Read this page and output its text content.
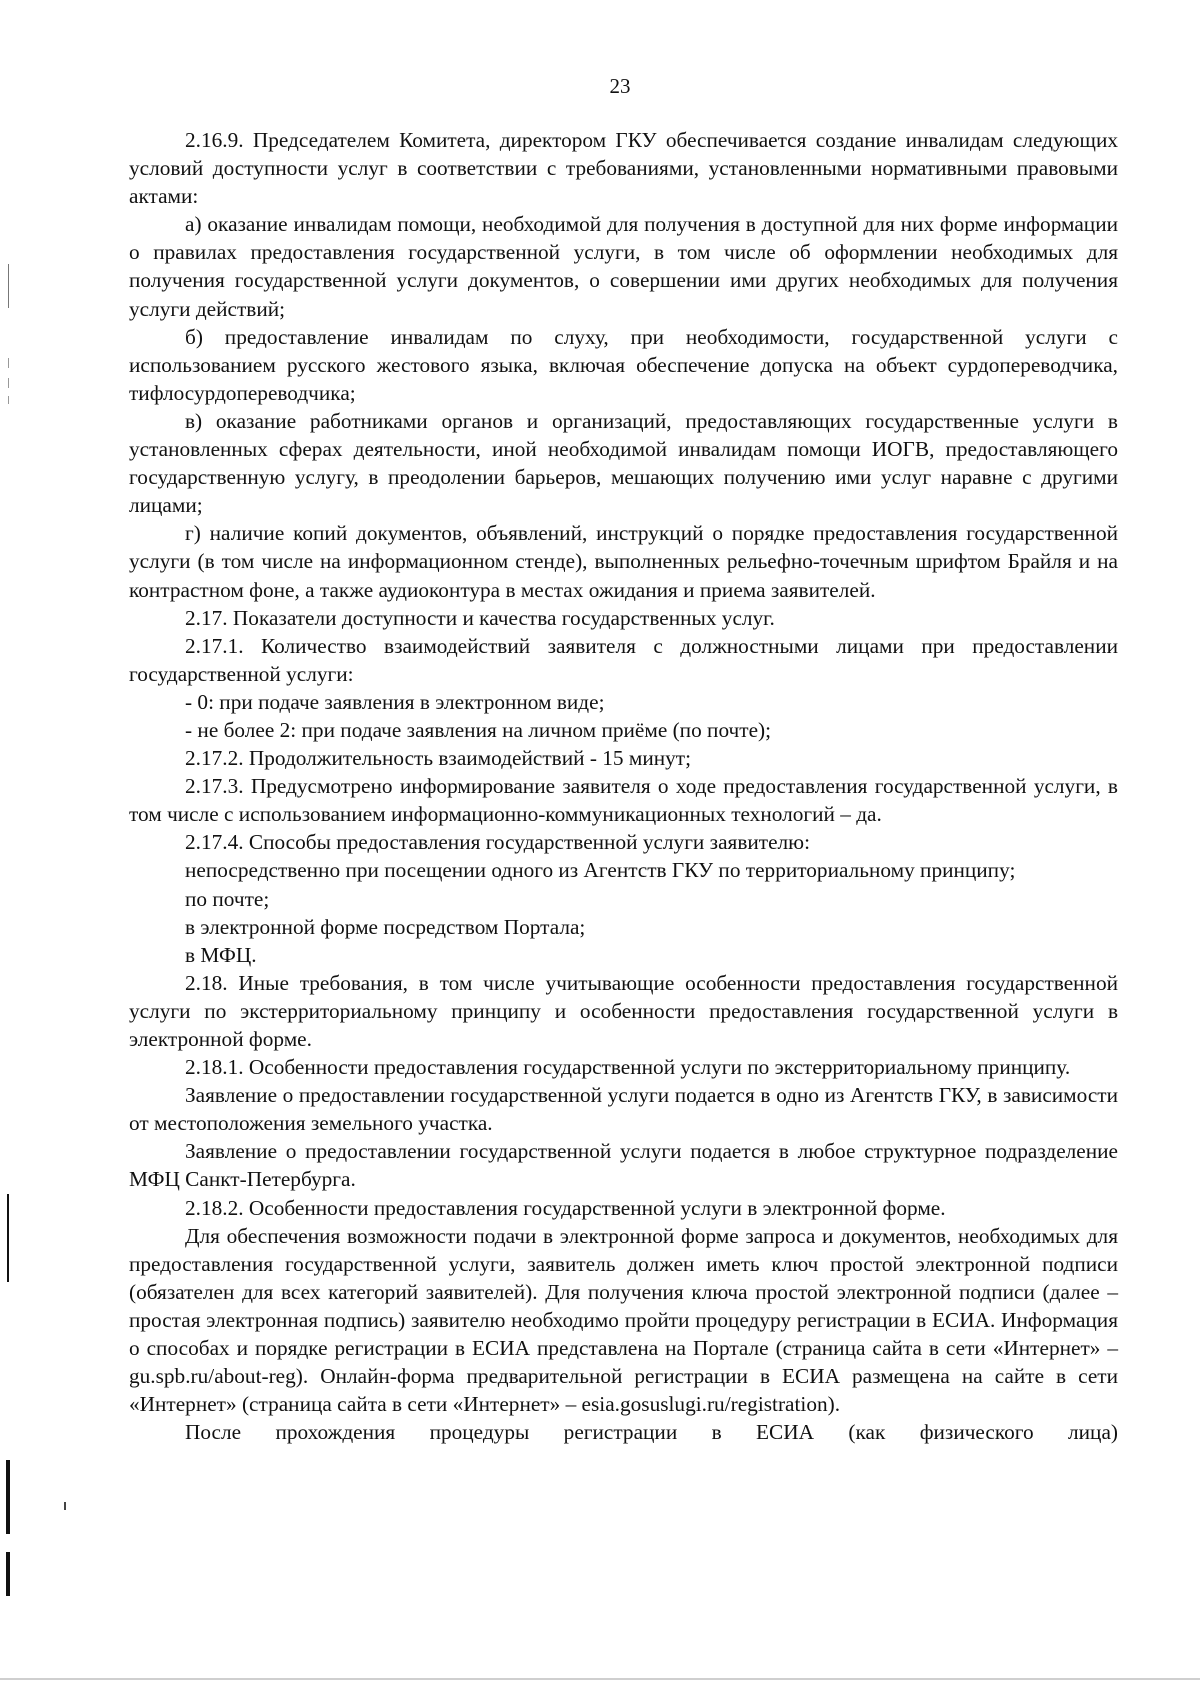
23

2.16.9. Председателем Комитета, директором ГКУ обеспечивается создание инвалидам следующих условий доступности услуг в соответствии с требованиями, установленными нормативными правовыми актами:

а) оказание инвалидам помощи, необходимой для получения в доступной для них форме информации о правилах предоставления государственной услуги, в том числе об оформлении необходимых для получения государственной услуги документов, о совершении ими других необходимых для получения услуги действий;

б) предоставление инвалидам по слуху, при необходимости, государственной услуги с использованием русского жестового языка, включая обеспечение допуска на объект сурдопереводчика, тифлосурдопереводчика;

в) оказание работниками органов и организаций, предоставляющих государственные услуги в установленных сферах деятельности, иной необходимой инвалидам помощи ИОГВ, предоставляющего государственную услугу, в преодолении барьеров, мешающих получению ими услуг наравне с другими лицами;

г) наличие копий документов, объявлений, инструкций о порядке предоставления государственной услуги (в том числе на информационном стенде), выполненных рельефно-точечным шрифтом Брайля и на контрастном фоне, а также аудиоконтура в местах ожидания и приема заявителей.

2.17. Показатели доступности и качества государственных услуг.

2.17.1. Количество взаимодействий заявителя с должностными лицами при предоставлении государственной услуги:

- 0: при подаче заявления в электронном виде;

- не более 2: при подаче заявления на личном приёме (по почте);

2.17.2. Продолжительность взаимодействий - 15 минут;

2.17.3. Предусмотрено информирование заявителя о ходе предоставления государственной услуги, в том числе с использованием информационно-коммуникационных технологий – да.

2.17.4. Способы предоставления государственной услуги заявителю:

непосредственно при посещении одного из Агентств ГКУ по территориальному принципу;

по почте;

в электронной форме посредством Портала;

в МФЦ.

2.18. Иные требования, в том числе учитывающие особенности предоставления государственной услуги по экстерриториальному принципу и особенности предоставления государственной услуги в электронной форме.

2.18.1. Особенности предоставления государственной услуги по экстерриториальному принципу.

Заявление о предоставлении государственной услуги подается в одно из Агентств ГКУ, в зависимости от местоположения земельного участка.

Заявление о предоставлении государственной услуги подается в любое структурное подразделение МФЦ Санкт-Петербурга.

2.18.2. Особенности предоставления государственной услуги в электронной форме.

Для обеспечения возможности подачи в электронной форме запроса и документов, необходимых для предоставления государственной услуги, заявитель должен иметь ключ простой электронной подписи (обязателен для всех категорий заявителей). Для получения ключа простой электронной подписи (далее – простая электронная подпись) заявителю необходимо пройти процедуру регистрации в ЕСИА. Информация о способах и порядке регистрации в ЕСИА представлена на Портале (страница сайта в сети «Интернет» – gu.spb.ru/about-reg). Онлайн-форма предварительной регистрации в ЕСИА размещена на сайте в сети «Интернет» (страница сайта в сети «Интернет» – esia.gosuslugi.ru/registration).

После прохождения процедуры регистрации в ЕСИА (как физического лица)
